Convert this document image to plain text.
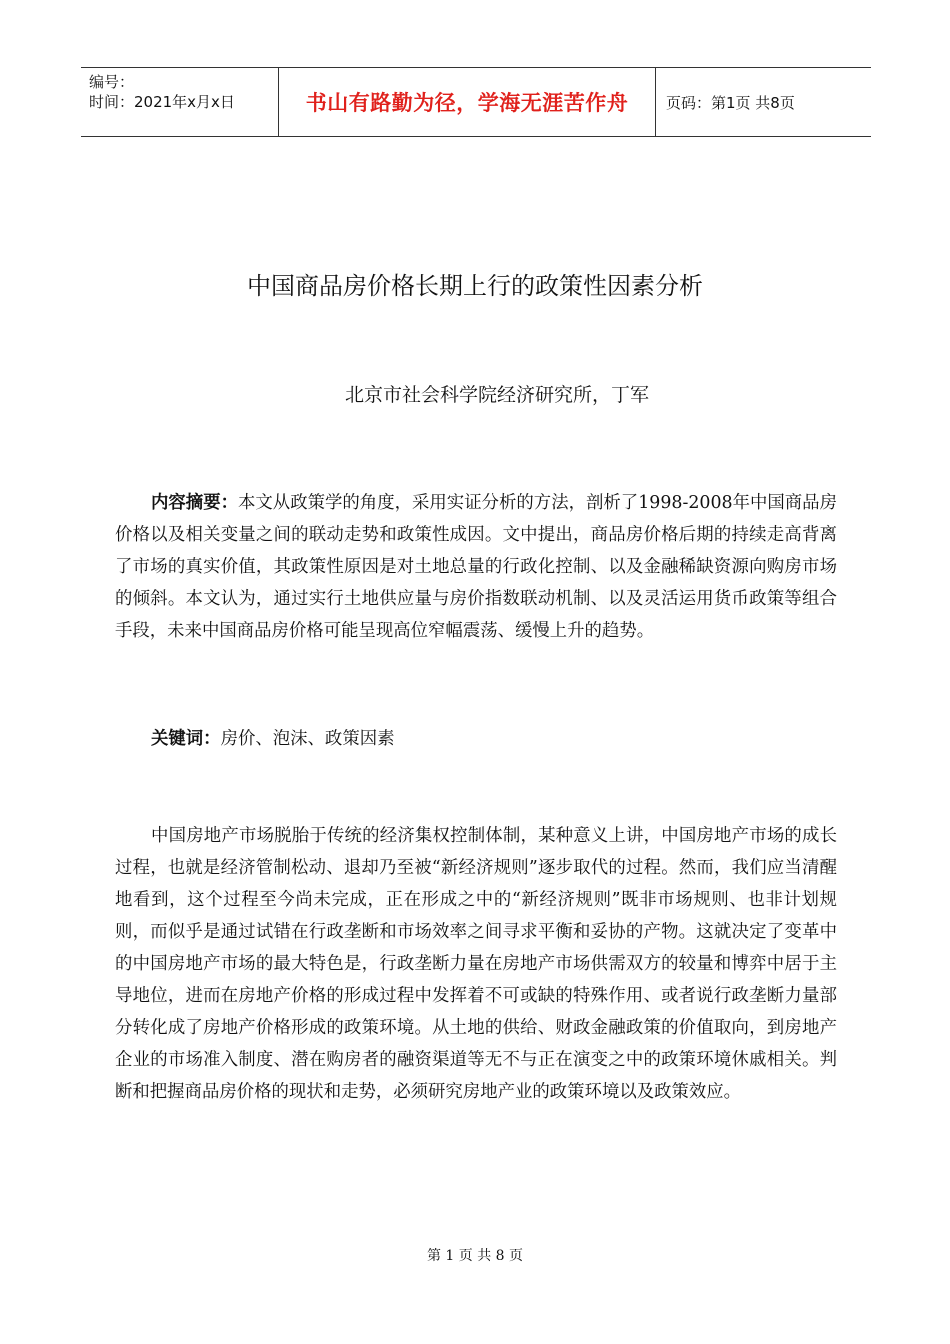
编号：
时间：2021年x月x日	书山有路勤为径，学海无涯苦作舟	页码：第1页 共8页
中国商品房价格长期上行的政策性因素分析
北京市社会科学院经济研究所，丁军
内容摘要：本文从政策学的角度，采用实证分析的方法，剖析了1998-2008年中国商品房价格以及相关变量之间的联动走势和政策性成因。文中提出，商品房价格后期的持续走高背离了市场的真实价值，其政策性原因是对土地总量的行政化控制、以及金融稀缺资源向购房市场的倾斜。本文认为，通过实行土地供应量与房价指数联动机制、以及灵活运用货币政策等组合手段，未来中国商品房价格可能呈现高位窄幅震荡、缓慢上升的趋势。
关键词：房价、泡沫、政策因素
中国房地产市场脱胎于传统的经济集权控制体制，某种意义上讲，中国房地产市场的成长过程，也就是经济管制松动、退却乃至被“新经济规则”逐步取代的过程。然而，我们应当清醒地看到，这个过程至今尚未完成，正在形成之中的“新经济规则”既非市场规则、也非计划规则，而似乎是通过试错在行政垄断和市场效率之间寻求平衡和妥协的产物。这就决定了变革中的中国房地产市场的最大特色是，行政垄断力量在房地产市场供需双方的较量和博弈中居于主导地位，进而在房地产价格的形成过程中发挥着不可或缺的特殊作用、或者说行政垄断力量部分转化成了房地产价格形成的政策环境。从土地的供给、财政金融政策的价值取向，到房地产企业的市场准入制度、潜在购房者的融资渠道等无不与正在演变之中的政策环境休戚相关。判断和把握商品房价格的现状和走势，必须研究房地产业的政策环境以及政策效应。
第 1 页 共 8 页
